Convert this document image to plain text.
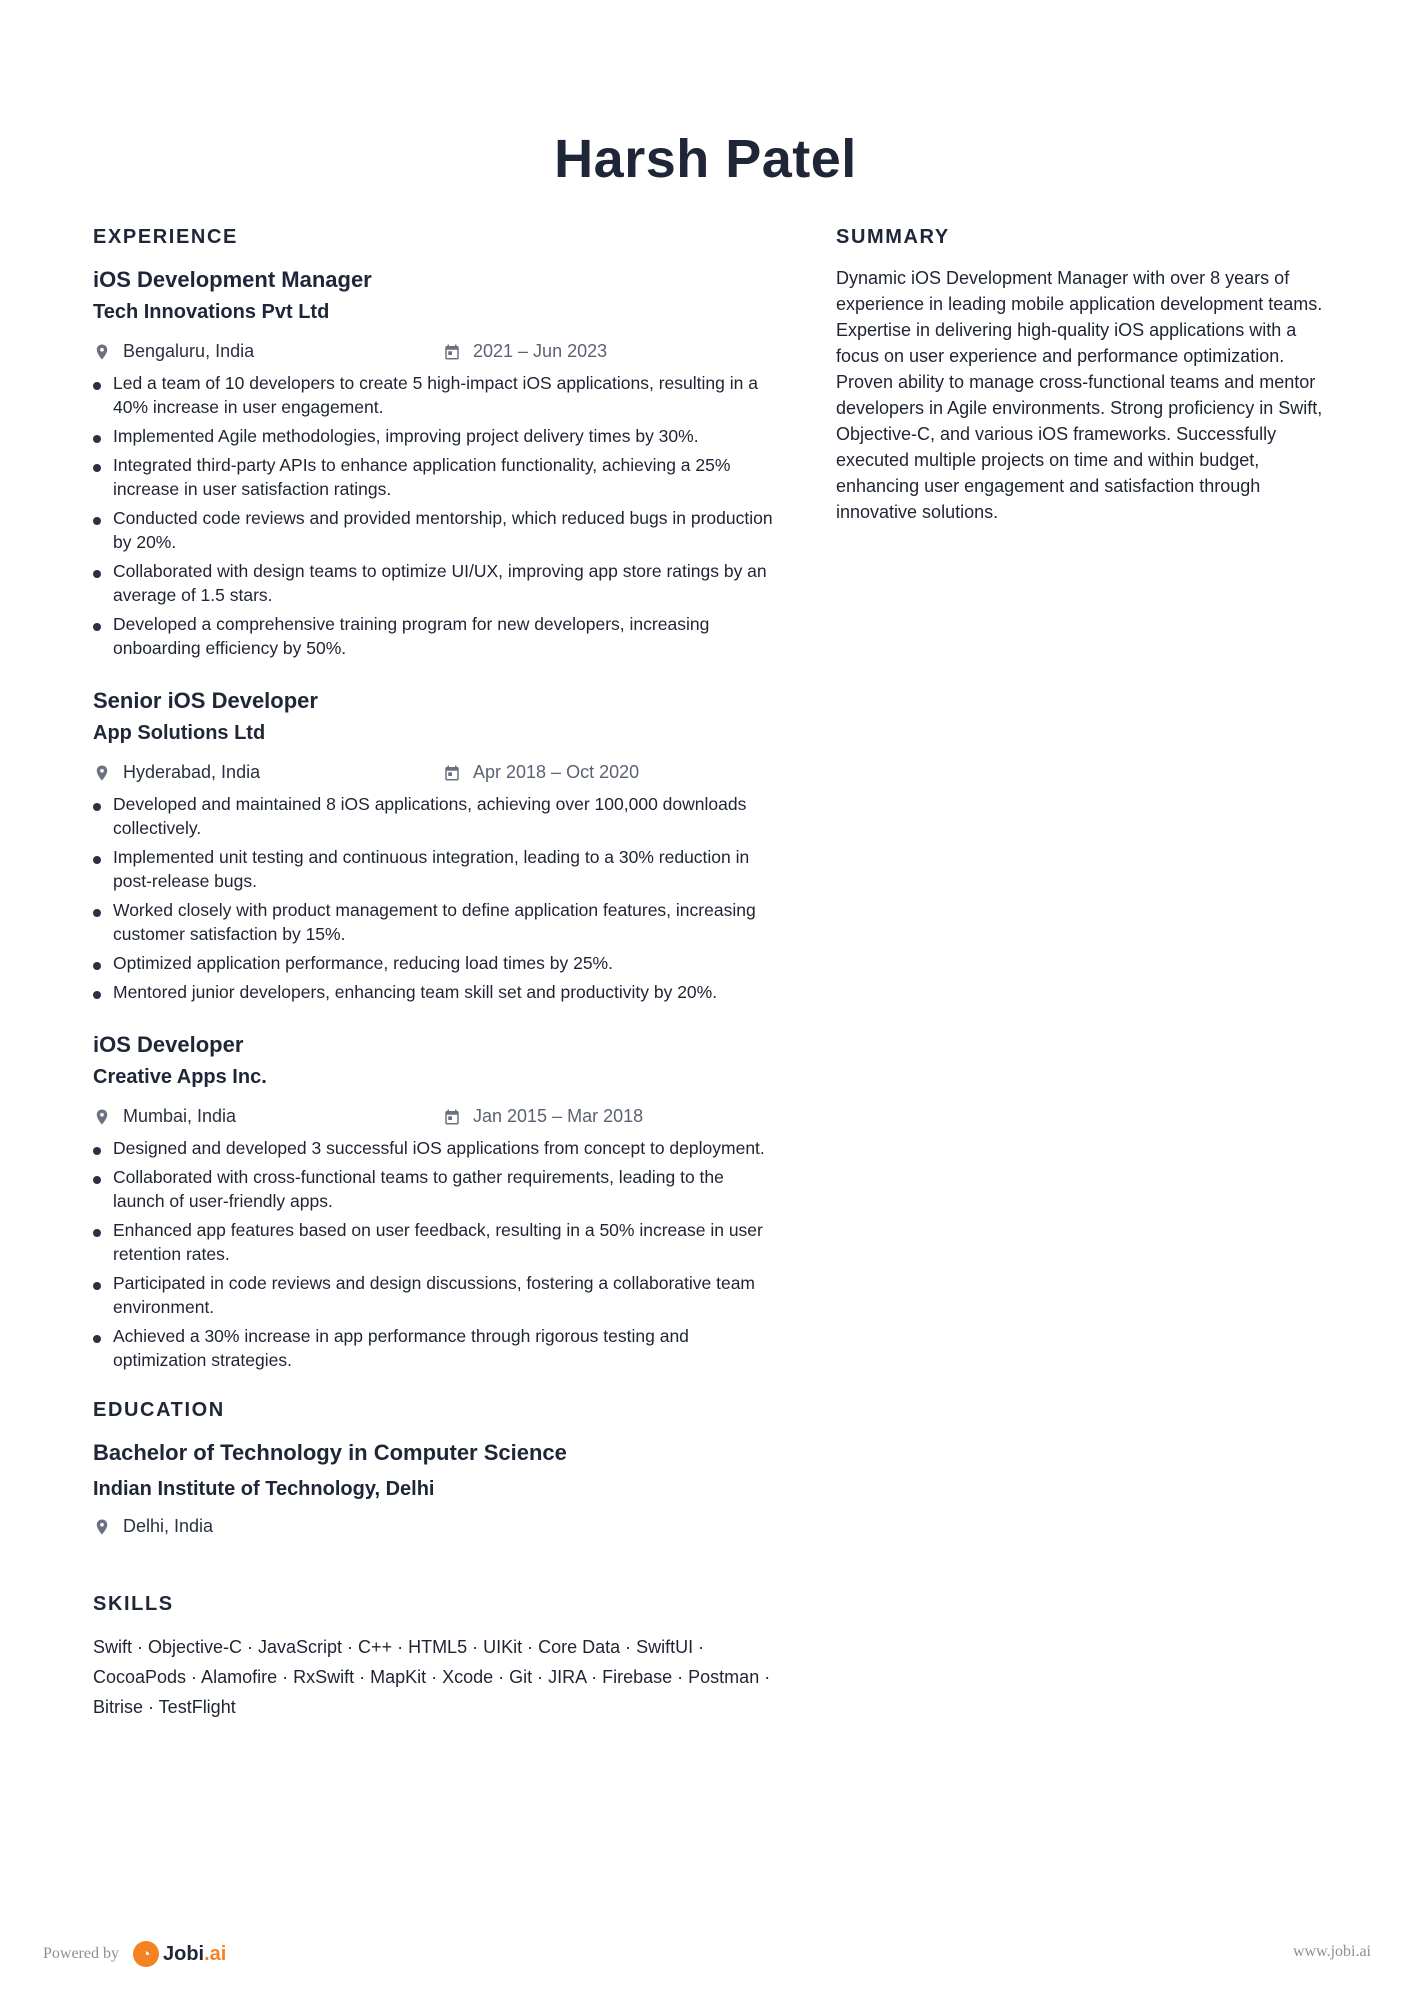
Harsh Patel
EXPERIENCE
iOS Development Manager
Tech Innovations Pvt Ltd
Bengaluru, India	2021 – Jun 2023
Led a team of 10 developers to create 5 high-impact iOS applications, resulting in a 40% increase in user engagement.
Implemented Agile methodologies, improving project delivery times by 30%.
Integrated third-party APIs to enhance application functionality, achieving a 25% increase in user satisfaction ratings.
Conducted code reviews and provided mentorship, which reduced bugs in production by 20%.
Collaborated with design teams to optimize UI/UX, improving app store ratings by an average of 1.5 stars.
Developed a comprehensive training program for new developers, increasing onboarding efficiency by 50%.
Senior iOS Developer
App Solutions Ltd
Hyderabad, India	Apr 2018 – Oct 2020
Developed and maintained 8 iOS applications, achieving over 100,000 downloads collectively.
Implemented unit testing and continuous integration, leading to a 30% reduction in post-release bugs.
Worked closely with product management to define application features, increasing customer satisfaction by 15%.
Optimized application performance, reducing load times by 25%.
Mentored junior developers, enhancing team skill set and productivity by 20%.
iOS Developer
Creative Apps Inc.
Mumbai, India	Jan 2015 – Mar 2018
Designed and developed 3 successful iOS applications from concept to deployment.
Collaborated with cross-functional teams to gather requirements, leading to the launch of user-friendly apps.
Enhanced app features based on user feedback, resulting in a 50% increase in user retention rates.
Participated in code reviews and design discussions, fostering a collaborative team environment.
Achieved a 30% increase in app performance through rigorous testing and optimization strategies.
EDUCATION
Bachelor of Technology in Computer Science
Indian Institute of Technology, Delhi
Delhi, India
SKILLS

Swift · Objective-C · JavaScript · C++ · HTML5 · UIKit · Core Data · SwiftUI · CocoaPods · Alamofire · RxSwift · MapKit · Xcode · Git · JIRA · Firebase · Postman · Bitrise · TestFlight

SUMMARY

Dynamic iOS Development Manager with over 8 years of experience in leading mobile application development teams. Expertise in delivering high-quality iOS applications with a focus on user experience and performance optimization. Proven ability to manage cross-functional teams and mentor developers in Agile environments. Strong proficiency in Swift, Objective-C, and various iOS frameworks. Successfully executed multiple projects on time and within budget, enhancing user engagement and satisfaction through innovative solutions.

Powered by	◔ Jobi.ai	www.jobi.ai
